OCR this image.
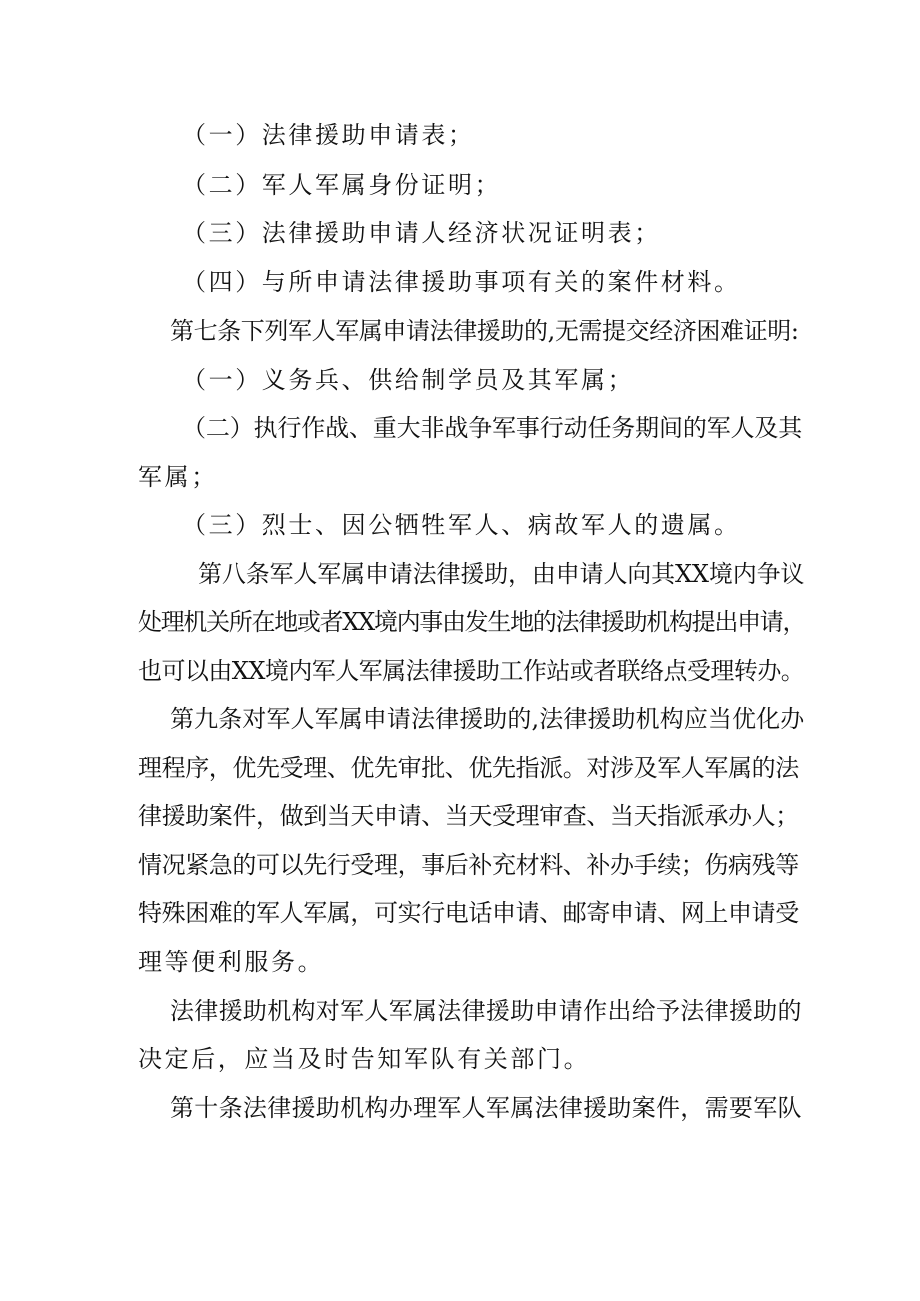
（一）法律援助申请表；
（二）军人军属身份证明；
（三）法律援助申请人经济状况证明表；
（四）与所申请法律援助事项有关的案件材料。
第七条下列军人军属申请法律援助的,无需提交经济困难证明:
（一）义务兵、供给制学员及其军属；
（二）执行作战、重大非战争军事行动任务期间的军人及其
军属；
（三）烈士、因公牺牲军人、病故军人的遗属。
第八条军人军属申请法律援助，由申请人向其XX境内争议
处理机关所在地或者XX境内事由发生地的法律援助机构提出申请，
也可以由XX境内军人军属法律援助工作站或者联络点受理转办。
第九条对军人军属申请法律援助的,法律援助机构应当优化办
理程序，优先受理、优先审批、优先指派。对涉及军人军属的法
律援助案件，做到当天申请、当天受理审查、当天指派承办人；
情况紧急的可以先行受理，事后补充材料、补办手续；伤病残等
特殊困难的军人军属，可实行电话申请、邮寄申请、网上申请受
理等便利服务。
法律援助机构对军人军属法律援助申请作出给予法律援助的
决定后，应当及时告知军队有关部门。
第十条法律援助机构办理军人军属法律援助案件，需要军队
